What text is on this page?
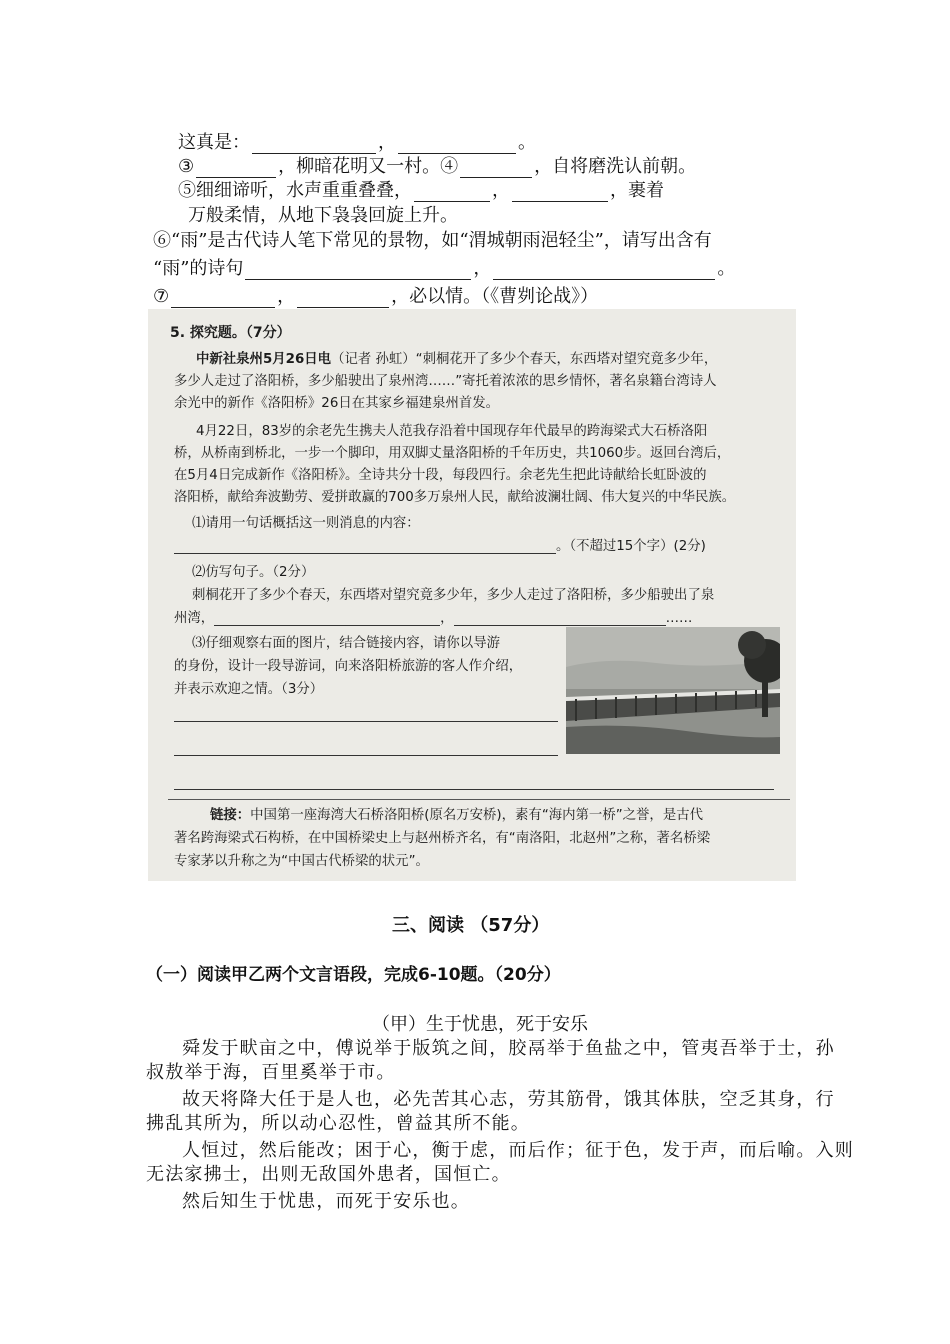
这真是：	，	。
③	，柳暗花明又一村。④	，自将磨洗认前朝。
⑤细细谛听，水声重重叠叠，	，	，裹着
万般柔情，从地下袅袅回旋上升。
⑥“雨”是古代诗人笔下常见的景物，如“渭城朝雨浥轻尘”，请写出含有
“雨”的诗句	，	。
⑦	，	，必以情。（《曹刿论战》）
5. 探究题。（7分）
中新社泉州5月26日电（记者 孙虹）“刺桐花开了多少个春天，东西塔对望究竟多少年，
多少人走过了洛阳桥，多少船驶出了泉州湾……”寄托着浓浓的思乡情怀，著名泉籍台湾诗人
余光中的新作《洛阳桥》26日在其家乡福建泉州首发。
4月22日，83岁的余老先生携夫人范我存沿着中国现存年代最早的跨海梁式大石桥洛阳
桥，从桥南到桥北，一步一个脚印，用双脚丈量洛阳桥的千年历史，共1060步。返回台湾后，
在5月4日完成新作《洛阳桥》。全诗共分十段，每段四行。余老先生把此诗献给长虹卧波的
洛阳桥，献给奔波勤劳、爱拼敢赢的700多万泉州人民，献给波澜壮阔、伟大复兴的中华民族。
⑴请用一句话概括这一则消息的内容：
。（不超过15个字）(2分)
⑵仿写句子。（2分）
刺桐花开了多少个春天，东西塔对望究竟多少年，多少人走过了洛阳桥，多少船驶出了泉
州湾，	，	……
⑶仔细观察右面的图片，结合链接内容，请你以导游
的身份，设计一段导游词，向来洛阳桥旅游的客人作介绍，
并表示欢迎之情。（3分）
链接：中国第一座海湾大石桥洛阳桥(原名万安桥)，素有“海内第一桥”之誉，是古代
著名跨海梁式石构桥，在中国桥梁史上与赵州桥齐名，有“南洛阳，北赵州”之称，著名桥梁
专家茅以升称之为“中国古代桥梁的状元”。
三、阅读 （57分）
（一）阅读甲乙两个文言语段，完成6-10题。（20分）
（甲）生于忧患，死于安乐
舜发于畎亩之中，傅说举于版筑之间，胶鬲举于鱼盐之中，管夷吾举于士，孙
叔敖举于海，百里奚举于市。
故天将降大任于是人也，必先苦其心志，劳其筋骨，饿其体肤，空乏其身，行
拂乱其所为，所以动心忍性，曾益其所不能。
人恒过，然后能改；困于心，衡于虑，而后作；征于色，发于声，而后喻。入则
无法家拂士，出则无敌国外患者，国恒亡。
然后知生于忧患，而死于安乐也。
